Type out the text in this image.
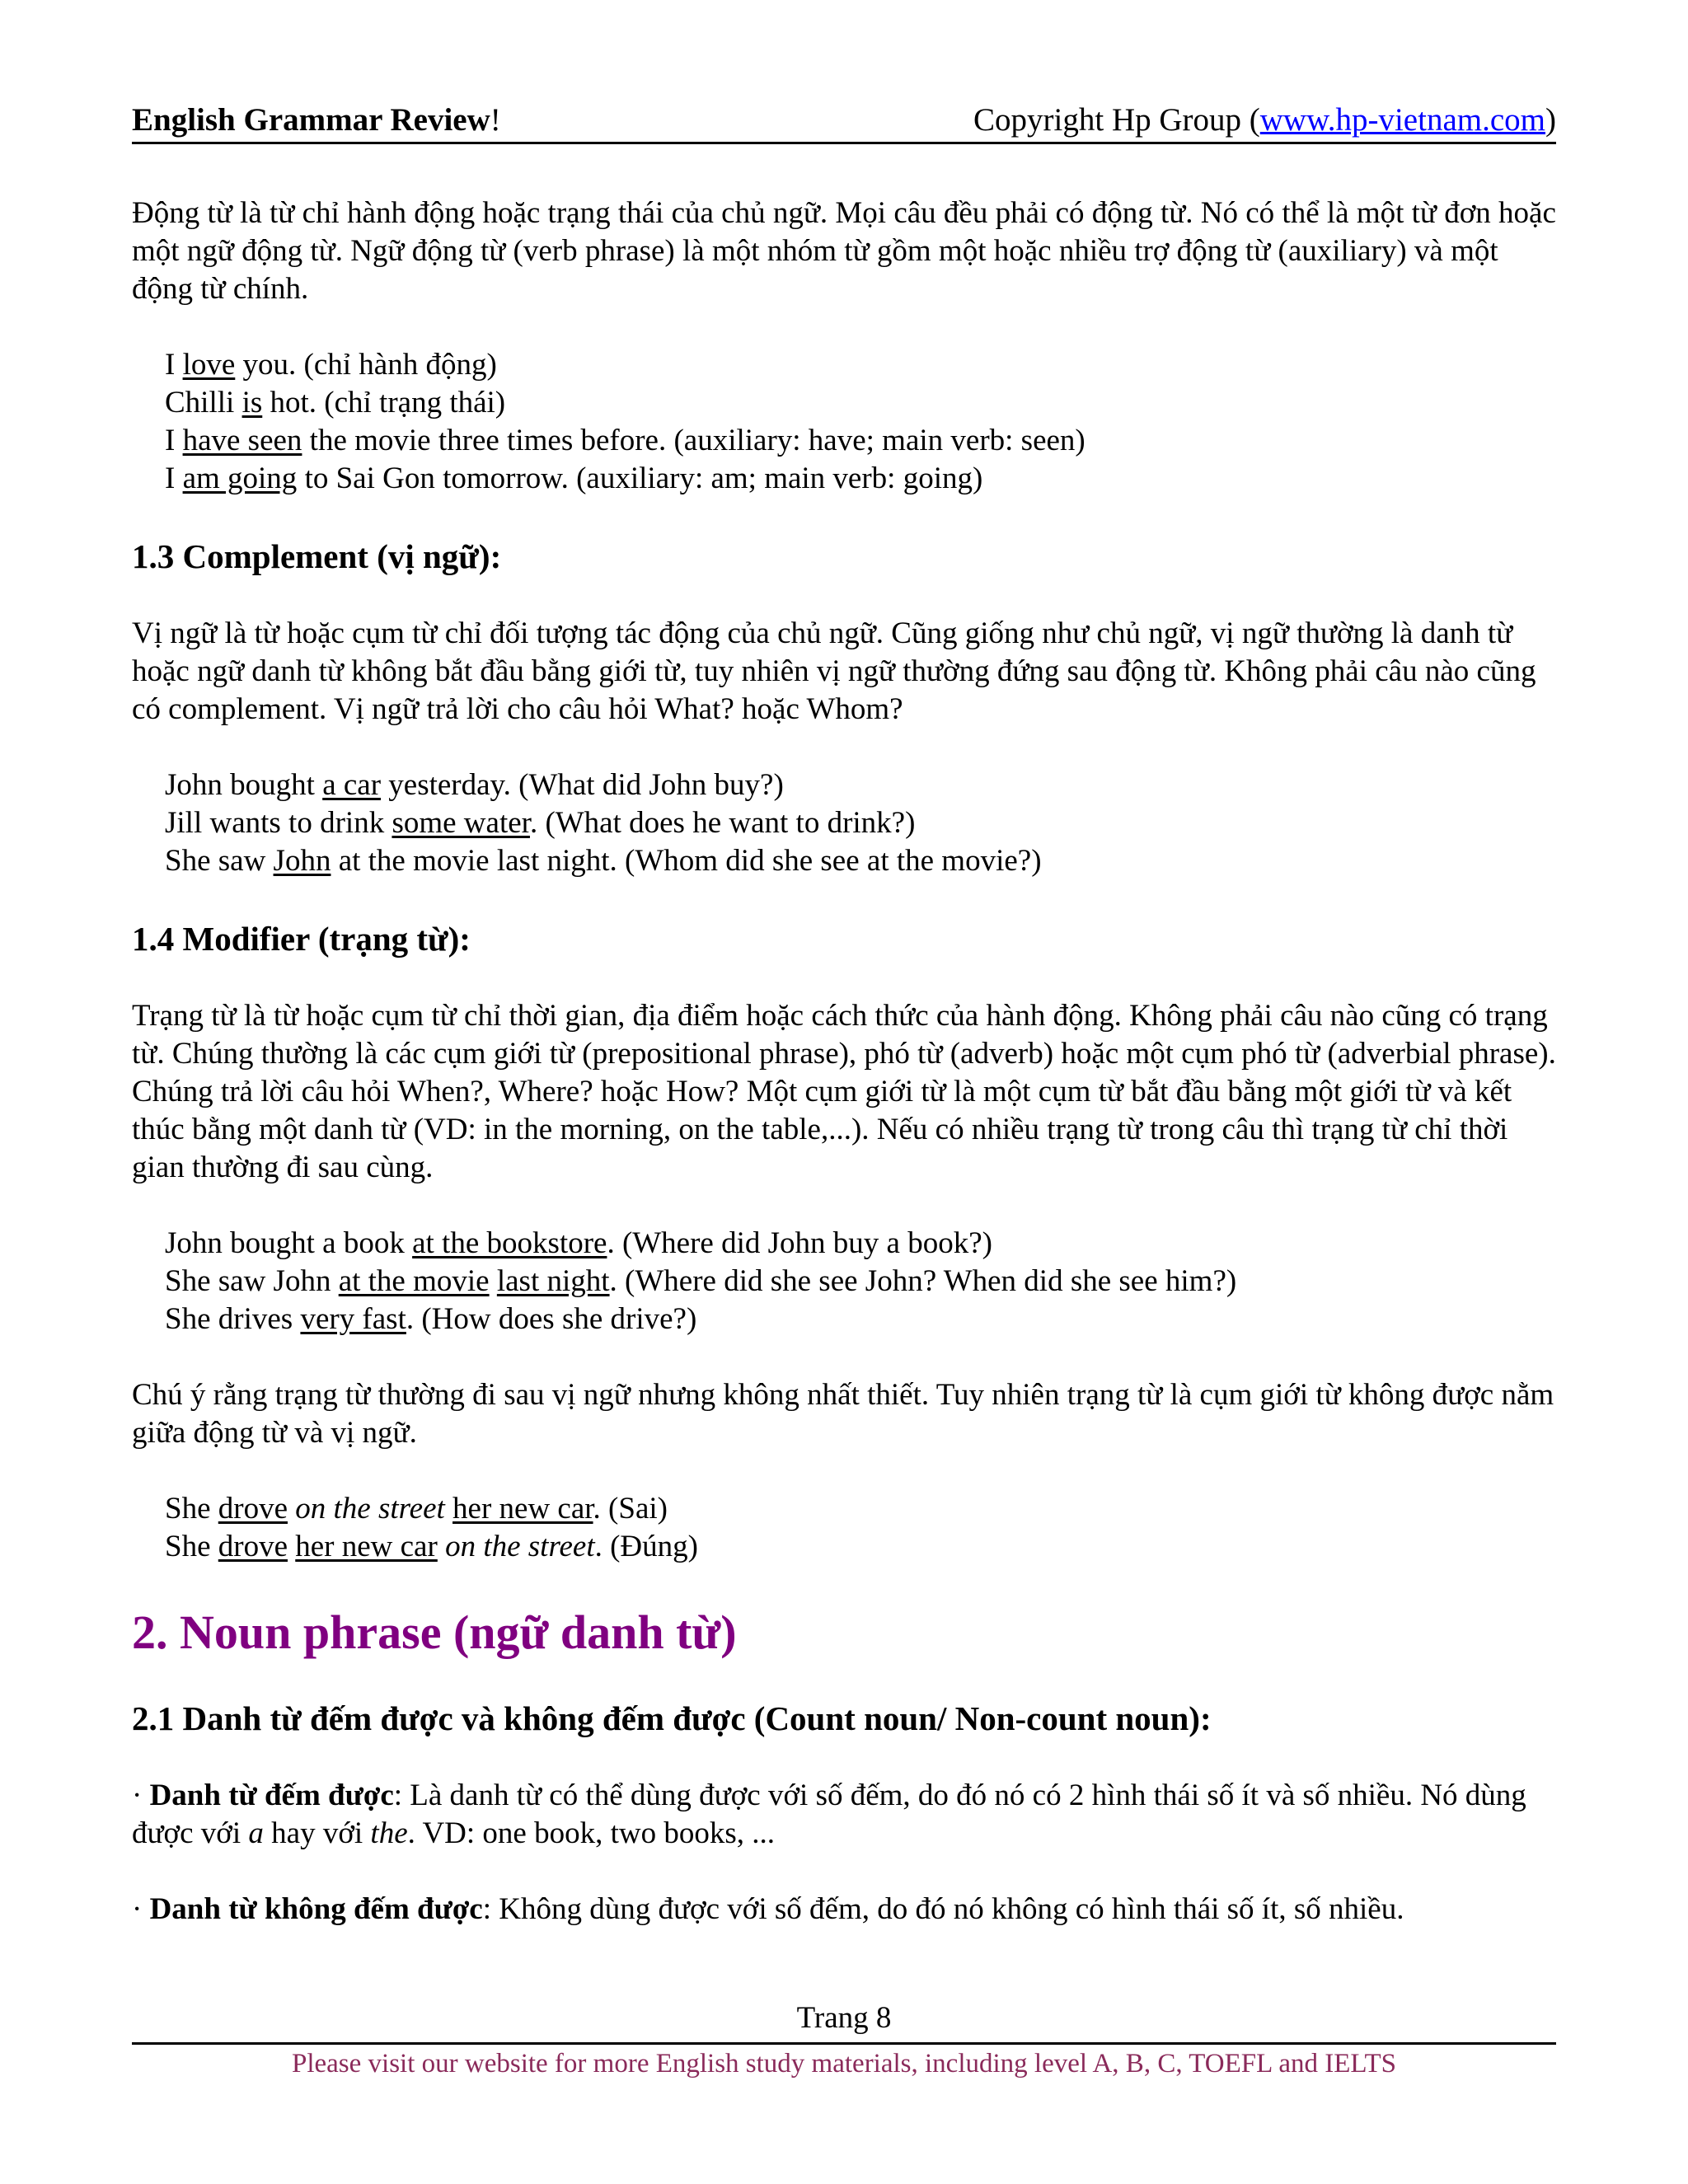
English Grammar Review!	Copyright Hp Group (www.hp-vietnam.com)

Động từ là từ chỉ hành động hoặc trạng thái của chủ ngữ. Mọi câu đều phải có động từ. Nó có thể là một từ đơn hoặc một ngữ động từ. Ngữ động từ (verb phrase) là một nhóm từ gồm một hoặc nhiều trợ động từ (auxiliary) và một động từ chính.

I love you. (chỉ hành động)
Chilli is hot. (chỉ trạng thái)
I have seen the movie three times before. (auxiliary: have; main verb: seen)
I am going to Sai Gon tomorrow. (auxiliary: am; main verb: going)
1.3 Complement (vị ngữ):

Vị ngữ là từ hoặc cụm từ chỉ đối tượng tác động của chủ ngữ. Cũng giống như chủ ngữ, vị ngữ thường là danh từ hoặc ngữ danh từ không bắt đầu bằng giới từ, tuy nhiên vị ngữ thường đứng sau động từ. Không phải câu nào cũng có complement. Vị ngữ trả lời cho câu hỏi What? hoặc Whom?

John bought a car yesterday. (What did John buy?)
Jill wants to drink some water. (What does he want to drink?)
She saw John at the movie last night. (Whom did she see at the movie?)
1.4 Modifier (trạng từ):

Trạng từ là từ hoặc cụm từ chỉ thời gian, địa điểm hoặc cách thức của hành động. Không phải câu nào cũng có trạng từ. Chúng thường là các cụm giới từ (prepositional phrase), phó từ (adverb) hoặc một cụm phó từ (adverbial phrase). Chúng trả lời câu hỏi When?, Where? hoặc How? Một cụm giới từ là một cụm từ bắt đầu bằng một giới từ và kết thúc bằng một danh từ (VD: in the morning, on the table,...). Nếu có nhiều trạng từ trong câu thì trạng từ chỉ thời gian thường đi sau cùng.

John bought a book at the bookstore. (Where did John buy a book?)
She saw John at the movie last night. (Where did she see John? When did she see him?)
She drives very fast. (How does she drive?)

Chú ý rằng trạng từ thường đi sau vị ngữ nhưng không nhất thiết. Tuy nhiên trạng từ là cụm giới từ không được nằm giữa động từ và vị ngữ.

She drove on the street her new car. (Sai)
She drove her new car on the street. (Đúng)
2. Noun phrase (ngữ danh từ)
2.1 Danh từ đếm được và không đếm được (Count noun/ Non-count noun):

· Danh từ đếm được: Là danh từ có thể dùng được với số đếm, do đó nó có 2 hình thái số ít và số nhiều. Nó dùng được với a hay với the. VD: one book, two books, ...

· Danh từ không đếm được: Không dùng được với số đếm, do đó nó không có hình thái số ít, số nhiều.

Trang 8
Please visit our website for more English study materials, including level A, B, C, TOEFL and IELTS
